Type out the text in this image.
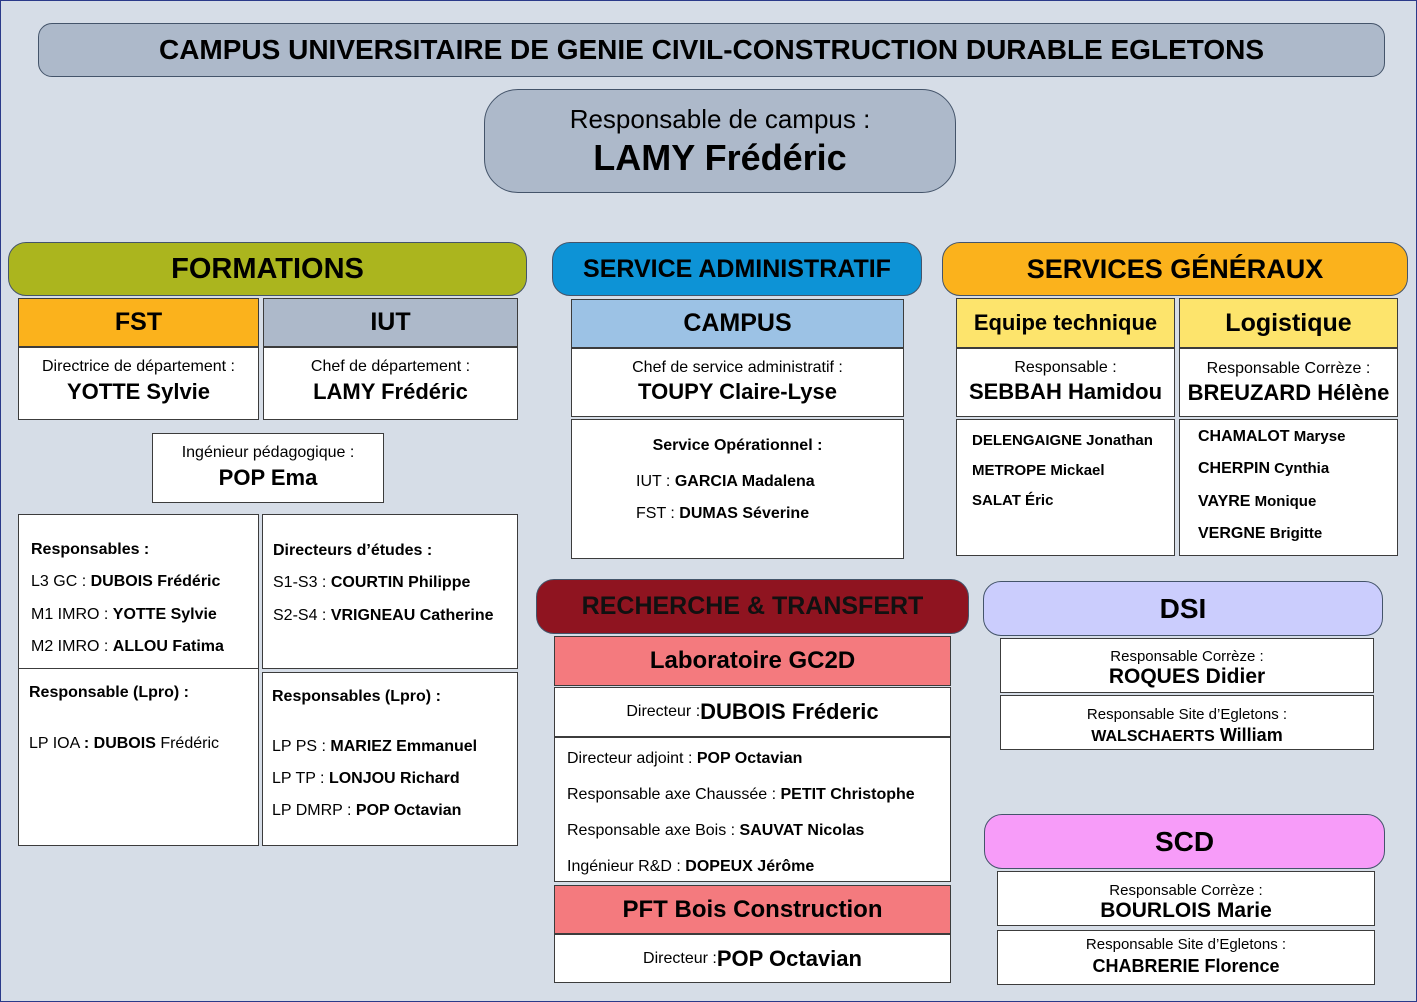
CAMPUS UNIVERSITAIRE DE GENIE CIVIL-CONSTRUCTION DURABLE EGLETONS
Responsable de campus :
LAMY Frédéric
FORMATIONS
FST
Directrice de département :
YOTTE Sylvie
IUT
Chef de département :
LAMY Frédéric
Ingénieur pédagogique :
POP Ema
Responsables :
L3 GC : DUBOIS Frédéric
M1 IMRO : YOTTE Sylvie
M2 IMRO : ALLOU Fatima
Directeurs d’études :
S1-S3 : COURTIN Philippe
S2-S4 : VRIGNEAU Catherine
Responsable (Lpro) :
LP IOA : DUBOIS Frédéric
Responsables (Lpro) :
LP PS : MARIEZ Emmanuel
LP TP : LONJOU Richard
LP DMRP : POP Octavian
SERVICE ADMINISTRATIF
CAMPUS
Chef de service administratif :
TOUPY Claire-Lyse
Service Opérationnel :
IUT : GARCIA Madalena
FST : DUMAS Séverine
SERVICES GÉNÉRAUX
Equipe technique
Responsable :
SEBBAH Hamidou
DELENGAIGNE Jonathan
METROPE Mickael
SALAT Éric
Logistique
Responsable Corrèze :
BREUZARD Hélène
CHAMALOT Maryse
CHERPIN Cynthia
VAYRE Monique
VERGNE Brigitte
RECHERCHE & TRANSFERT
Laboratoire GC2D
Directeur : DUBOIS Fréderic
Directeur adjoint : POP Octavian
Responsable axe Chaussée : PETIT Christophe
Responsable axe Bois : SAUVAT Nicolas
Ingénieur R&D : DOPEUX Jérôme
PFT Bois Construction
Directeur : POP Octavian
DSI
Responsable Corrèze :
ROQUES Didier
Responsable Site d’Egletons :
WALSCHAERTS William
SCD
Responsable Corrèze :
BOURLOIS Marie
Responsable Site d’Egletons :
CHABRERIE Florence
